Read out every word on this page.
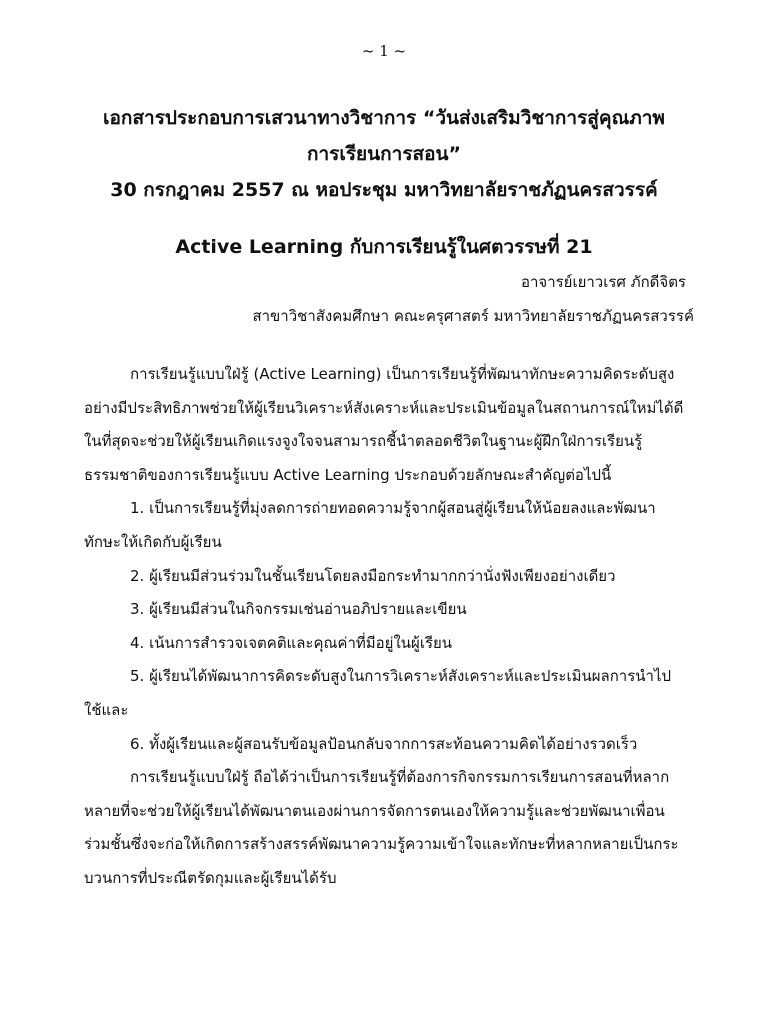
~ 1 ~
เอกสารประกอบการเสวนาทางวิชาการ “วันส่งเสริมวิชาการสู่คุณภาพ
การเรียนการสอน”
30 กรกฎาคม 2557 ณ หอประชุม มหาวิทยาลัยราชภัฏนครสวรรค์
Active Learning กับการเรียนรู้ในศตวรรษที่ 21
อาจารย์เยาวเรศ ภักดีจิตร
สาขาวิชาสังคมศึกษา คณะครุศาสตร์ มหาวิทยาลัยราชภัฏนครสวรรค์

การเรียนรู้แบบใฝ่รู้ (Active Learning) เป็นการเรียนรู้ที่พัฒนาทักษะความคิดระดับสูงอย่างมีประสิทธิภาพช่วยให้ผู้เรียนวิเคราะห์สังเคราะห์และประเมินข้อมูลในสถานการณ์ใหม่ได้ดีในที่สุดจะช่วยให้ผู้เรียนเกิดแรงจูงใจจนสามารถชี้นำตลอดชีวิตในฐานะผู้ฝึกใฝ่การเรียนรู้ ธรรมชาติของการเรียนรู้แบบ Active Learning ประกอบด้วยลักษณะสำคัญต่อไปนี้

1. เป็นการเรียนรู้ที่มุ่งลดการถ่ายทอดความรู้จากผู้สอนสู่ผู้เรียนให้น้อยลงและพัฒนาทักษะให้เกิดกับผู้เรียน

2. ผู้เรียนมีส่วนร่วมในชั้นเรียนโดยลงมือกระทำมากกว่านั่งฟังเพียงอย่างเดียว

3. ผู้เรียนมีส่วนในกิจกรรมเช่นอ่านอภิปรายและเขียน

4. เน้นการสำรวจเจตคติและคุณค่าที่มีอยู่ในผู้เรียน

5. ผู้เรียนได้พัฒนาการคิดระดับสูงในการวิเคราะห์สังเคราะห์และประเมินผลการนำไปใช้และ

6. ทั้งผู้เรียนและผู้สอนรับข้อมูลป้อนกลับจากการสะท้อนความคิดได้อย่างรวดเร็ว

การเรียนรู้แบบใฝ่รู้ ถือได้ว่าเป็นการเรียนรู้ที่ต้องการกิจกรรมการเรียนการสอนที่หลากหลายที่จะช่วยให้ผู้เรียนได้พัฒนาตนเองผ่านการจัดการตนเองให้ความรู้และช่วยพัฒนาเพื่อนร่วมชั้นซึ่งจะก่อให้เกิดการสร้างสรรค์พัฒนาความรู้ความเข้าใจและทักษะที่หลากหลายเป็นกระบวนการที่ประณีตรัดกุมและผู้เรียนได้รับ
